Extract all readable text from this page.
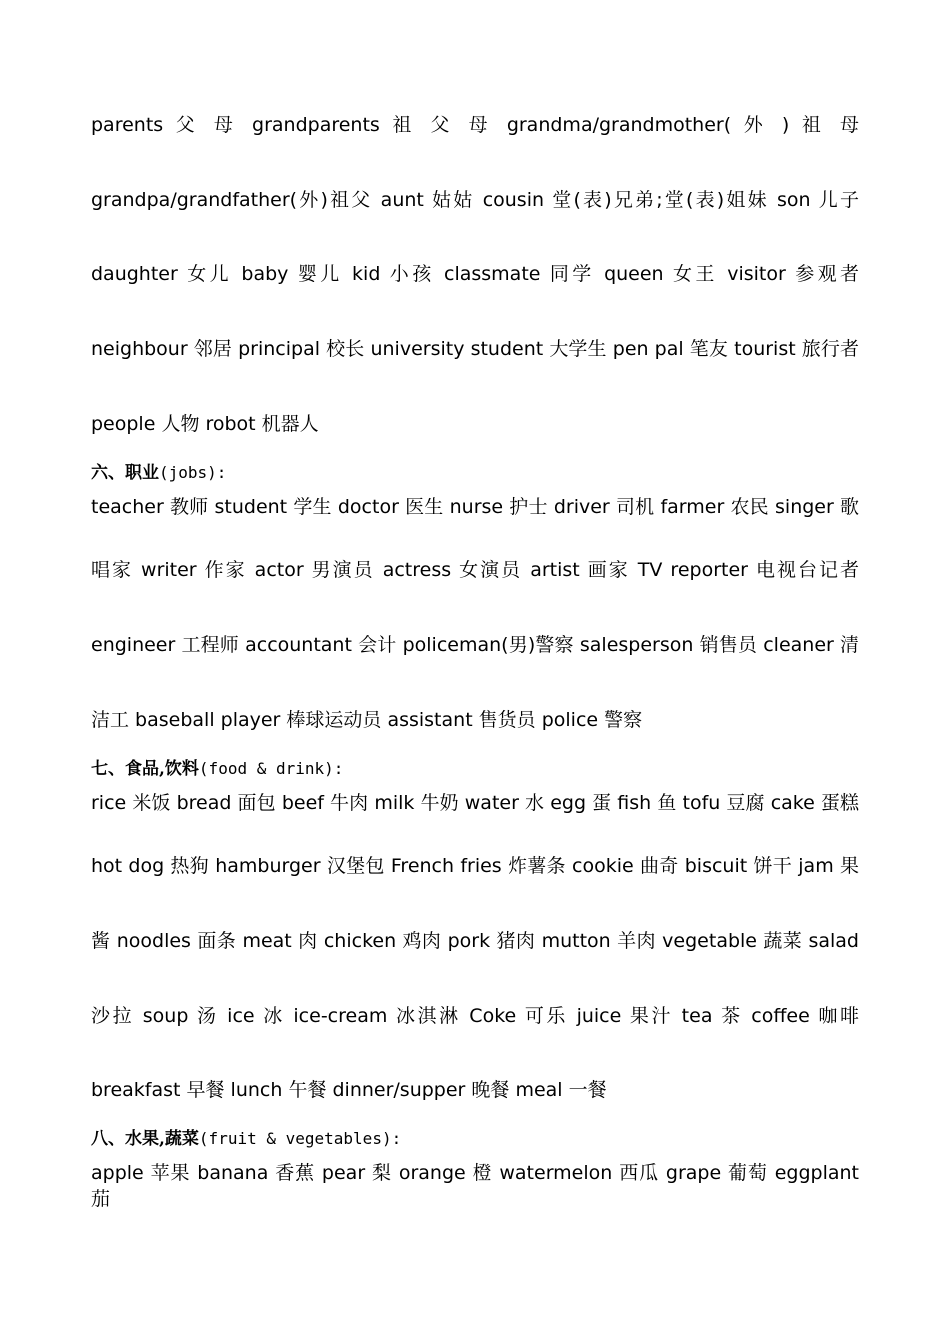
parents 父 母 grandparents 祖 父 母 grandma/grandmother( 外 ) 祖 母
grandpa/grandfather(外)祖父 aunt 姑姑 cousin 堂(表)兄弟;堂(表)姐妹 son 儿子
daughter 女儿 baby 婴儿 kid 小孩 classmate 同学 queen 女王 visitor 参观者
neighbour 邻居 principal 校长 university student 大学生 pen pal 笔友 tourist 旅行者
people 人物 robot 机器人
六、职业(jobs):
teacher 教师 student 学生 doctor 医生 nurse 护士 driver 司机 farmer 农民 singer 歌
唱家 writer 作家 actor 男演员 actress 女演员 artist 画家 TV reporter 电视台记者
engineer 工程师 accountant 会计 policeman(男)警察 salesperson 销售员 cleaner 清
洁工 baseball player 棒球运动员 assistant 售货员 police 警察
七、食品,饮料(food & drink):
rice 米饭 bread 面包 beef 牛肉 milk 牛奶 water 水 egg 蛋 fish 鱼 tofu 豆腐 cake 蛋糕
hot dog 热狗 hamburger 汉堡包 French fries 炸薯条 cookie 曲奇 biscuit 饼干 jam 果
酱 noodles 面条 meat 肉 chicken 鸡肉 pork 猪肉 mutton 羊肉 vegetable 蔬菜 salad
沙拉 soup 汤 ice 冰 ice-cream 冰淇淋 Coke 可乐 juice 果汁 tea 茶 coffee 咖啡
breakfast 早餐 lunch 午餐 dinner/supper 晚餐 meal 一餐
八、水果,蔬菜(fruit & vegetables):
apple 苹果 banana 香蕉 pear 梨 orange 橙 watermelon 西瓜 grape 葡萄 eggplant 茄
